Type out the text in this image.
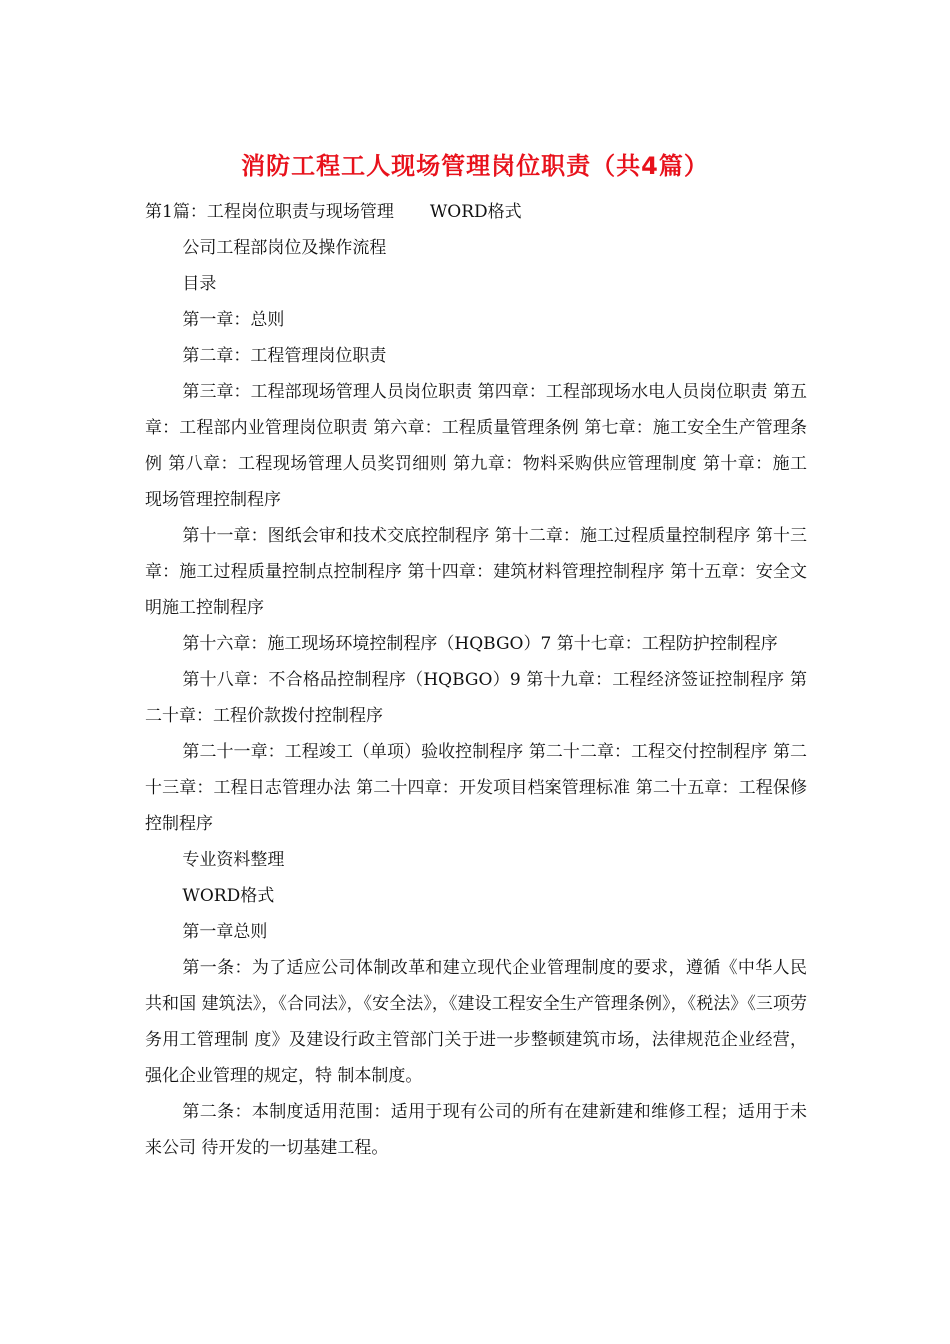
消防工程工人现场管理岗位职责（共4篇）

第1篇：工程岗位职责与现场管理 WORD格式

公司工程部岗位及操作流程

目录

第一章：总则

第二章：工程管理岗位职责

第三章：工程部现场管理人员岗位职责 第四章：工程部现场水电人员岗位职责 第五章：工程部内业管理岗位职责 第六章：工程质量管理条例 第七章：施工安全生产管理条例 第八章：工程现场管理人员奖罚细则 第九章：物料采购供应管理制度 第十章：施工现场管理控制程序

第十一章：图纸会审和技术交底控制程序 第十二章：施工过程质量控制程序 第十三章：施工过程质量控制点控制程序 第十四章：建筑材料管理控制程序 第十五章：安全文明施工控制程序

第十六章：施工现场环境控制程序（HQBGO）7 第十七章：工程防护控制程序

第十八章：不合格品控制程序（HQBGO）9 第十九章：工程经济签证控制程序 第二十章：工程价款拨付控制程序

第二十一章：工程竣工（单项）验收控制程序 第二十二章：工程交付控制程序 第二十三章：工程日志管理办法 第二十四章：开发项目档案管理标准 第二十五章：工程保修控制程序

专业资料整理

WORD格式

第一章总则

第一条：为了适应公司体制改革和建立现代企业管理制度的要求，遵循《中华人民共和国 建筑法》，《合同法》，《安全法》，《建设工程安全生产管理条例》，《税法》《三项劳务用工管理制 度》及建设行政主管部门关于进一步整顿建筑市场，法律规范企业经营，强化企业管理的规定，特 制本制度。

第二条：本制度适用范围：适用于现有公司的所有在建新建和维修工程；适用于未来公司 待开发的一切基建工程。
